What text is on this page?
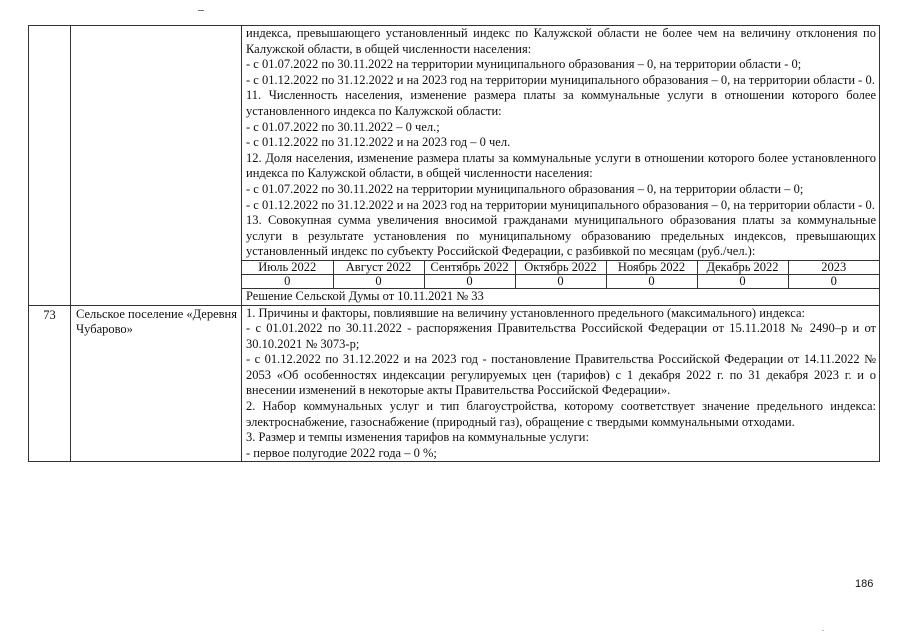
индекса, превышающего установленный индекс по Калужской области не более чем на величину отклонения по Калужской области, в общей численности населения:
- с 01.07.2022 по 30.11.2022 на территории муниципального образования – 0, на территории области - 0;
- с 01.12.2022 по 31.12.2022 и на 2023 год на территории муниципального образования – 0, на территории области - 0.
11. Численность населения, изменение размера платы за коммунальные услуги в отношении которого более установленного индекса по Калужской области:
- с 01.07.2022 по 30.11.2022 – 0 чел.;
- с 01.12.2022 по 31.12.2022 и на 2023 год – 0 чел.
12. Доля населения, изменение размера платы за коммунальные услуги в отношении которого более установленного индекса по Калужской области, в общей численности населения:
- с 01.07.2022 по 30.11.2022 на территории муниципального образования – 0, на территории области – 0;
- с 01.12.2022 по 31.12.2022 и на 2023 год на территории муниципального образования – 0, на территории области - 0.
13. Совокупная сумма увеличения вносимой гражданами муниципального образования платы за коммунальные услуги в результате установления по муниципальному образованию предельных индексов, превышающих установленный индекс по субъекту Российской Федерации, с разбивкой по месяцам (руб./чел.):
Июль 2022	Август 2022	Сентябрь 2022	Октябрь 2022	Ноябрь 2022	Декабрь 2022	2023
0	0	0	0	0	0	0
Решение Сельской Думы от 10.11.2021 № 33

73	Сельское поселение «Деревня Чубарово»	
1. Причины и факторы, повлиявшие на величину установленного предельного (максимального) индекса:
- с 01.01.2022 по 30.11.2022 - распоряжения Правительства Российской Федерации от 15.11.2018 № 2490–р и от 30.10.2021 № 3073-р;
- с 01.12.2022 по 31.12.2022 и на 2023 год - постановление Правительства Российской Федерации от 14.11.2022 № 2053 «Об особенностях индексации регулируемых цен (тарифов) с 1 декабря 2022 г. по 31 декабря 2023 г. и о внесении изменений в некоторые акты Правительства Российской Федерации».
2. Набор коммунальных услуг и тип благоустройства, которому соответствует значение предельного индекса: электроснабжение, газоснабжение (природный газ), обращение с твердыми коммунальными отходами.
3. Размер и темпы изменения тарифов на коммунальные услуги:
- первое полугодие 2022 года – 0 %;
186
